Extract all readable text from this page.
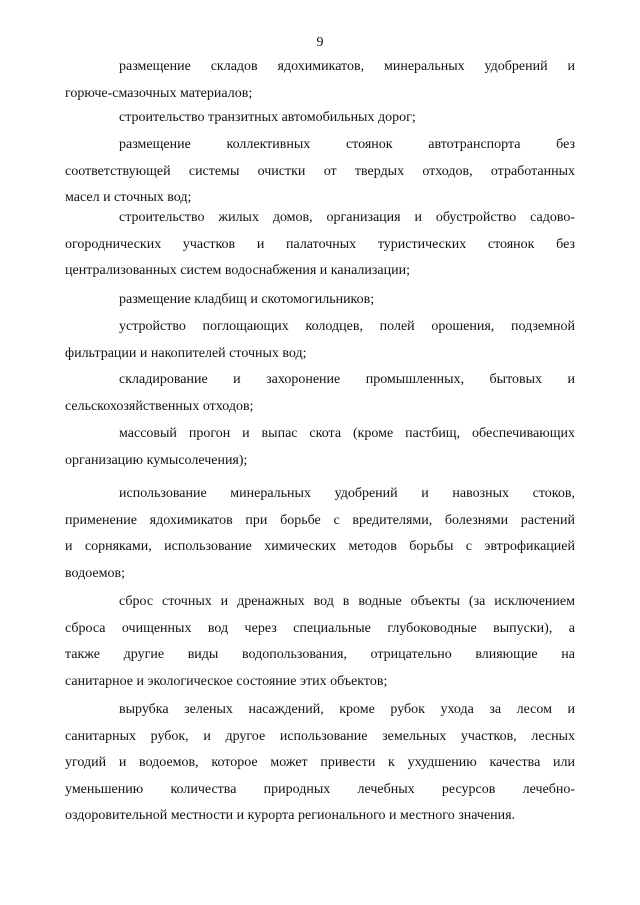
9

размещение складов ядохимикатов, минеральных удобрений и
горюче-смазочных материалов;

строительство транзитных автомобильных дорог;

размещение коллективных стоянок автотранспорта без
соответствующей системы очистки от твердых отходов, отработанных
масел и сточных вод;

строительство жилых домов, организация и обустройство садово-
огороднических участков и палаточных туристических стоянок без
централизованных систем водоснабжения и канализации;

размещение кладбищ и скотомогильников;

устройство поглощающих колодцев, полей орошения, подземной
фильтрации и накопителей сточных вод;

складирование и захоронение промышленных, бытовых и
сельскохозяйственных отходов;

массовый прогон и выпас скота (кроме пастбищ, обеспечивающих
организацию кумысолечения);

использование минеральных удобрений и навозных стоков,
применение ядохимикатов при борьбе с вредителями, болезнями растений
и сорняками, использование химических методов борьбы с эвтрофикацией
водоемов;

сброс сточных и дренажных вод в водные объекты (за исключением
сброса очищенных вод через специальные глубоководные выпуски), а
также другие виды водопользования, отрицательно влияющие на
санитарное и экологическое состояние этих объектов;

вырубка зеленых насаждений, кроме рубок ухода за лесом и
санитарных рубок, и другое использование земельных участков, лесных
угодий и водоемов, которое может привести к ухудшению качества или
уменьшению количества природных лечебных ресурсов лечебно-
оздоровительной местности и курорта регионального и местного значения.
